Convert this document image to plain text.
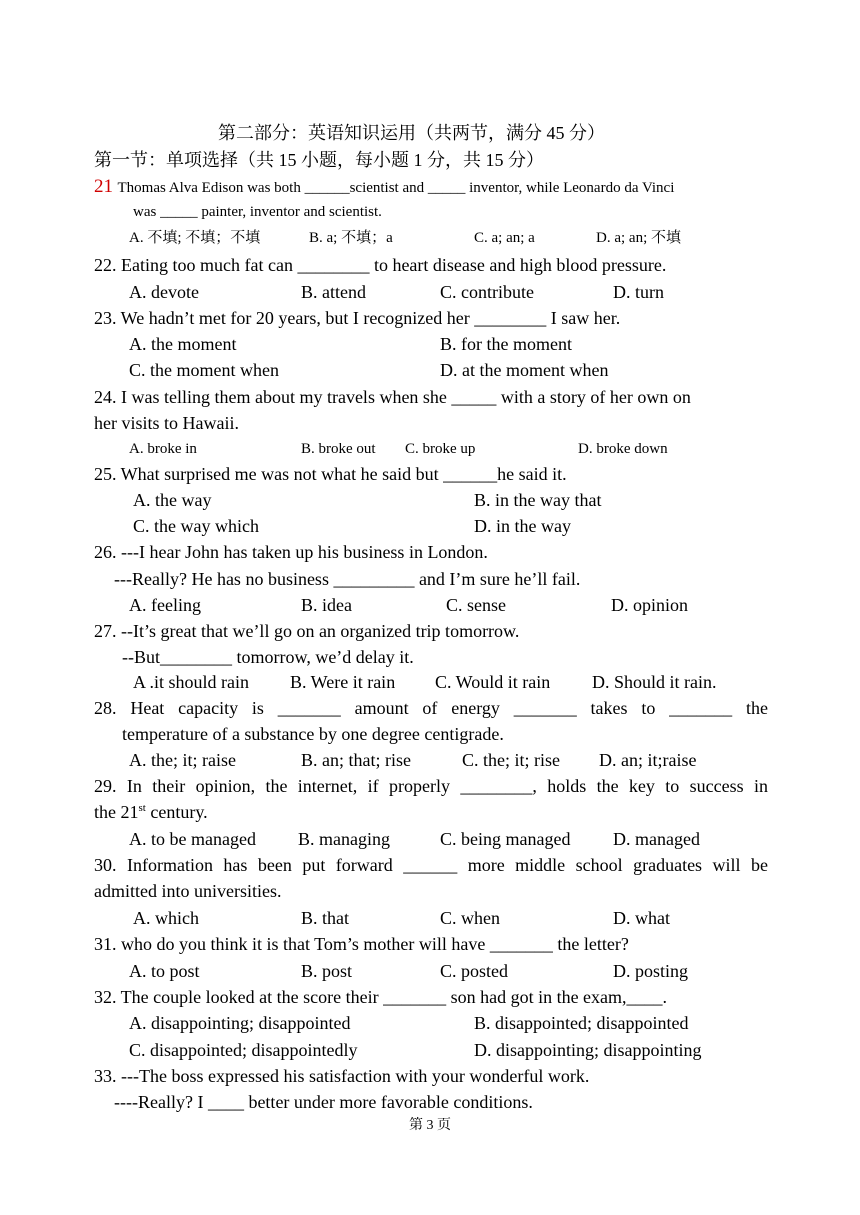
第二部分：英语知识运用（共两节，满分 45 分）
第一节：单项选择（共 15 小题，每小题 1 分，共 15 分）
21 Thomas Alva Edison was both ______scientist and _____ inventor, while Leonardo da Vinci
was _____ painter, inventor and scientist.
A. 不填; 不填；不填	B. a; 不填；a	C. a; an; a	D. a; an; 不填
22. Eating too much fat can ________ to heart disease and high blood pressure.
A. devote	B. attend	C. contribute	D. turn
23. We hadn’t met for 20 years, but I recognized her ________ I saw her.
A. the moment	B. for the moment
C. the moment when	D. at the moment when
24. I was telling them about my travels when she _____ with a story of her own on
her visits to Hawaii.
A. broke in	B. broke out C. broke up	D. broke down
25. What surprised me was not what he said but ______he said it.
A. the way	B. in the way that
C. the way which	D. in the way
26. ---I hear John has taken up his business in London.
---Really? He has no business _________ and I’m sure he’ll fail.
A. feeling	B. idea	C. sense	D. opinion
27. --It’s great that we’ll go on an organized trip tomorrow.
--But________ tomorrow, we’d delay it.
A .it should rain B. Were it rain C. Would it rain D. Should it rain.
28. Heat capacity is _______ amount of energy _______ takes to _______ the
temperature of a substance by one degree centigrade.
A. the; it; raise	B. an; that; rise	C. the; it; rise D. an; it;raise
29. In their opinion, the internet, if properly ________, holds the key to success in
the 21st century.
A. to be managed B. managing	C. being managed D. managed
30. Information has been put forward ______ more middle school graduates will be
admitted into universities.
A. which	B. that	C. when	D. what
31. who do you think it is that Tom’s mother will have _______ the letter?
A. to post	B. post	C. posted	D. posting
32. The couple looked at the score their _______ son had got in the exam,____.
A. disappointing; disappointed	B. disappointed; disappointed
C. disappointed; disappointedly	D. disappointing; disappointing
33. ---The boss expressed his satisfaction with your wonderful work.
----Really? I ____ better under more favorable conditions.
第 3 页
